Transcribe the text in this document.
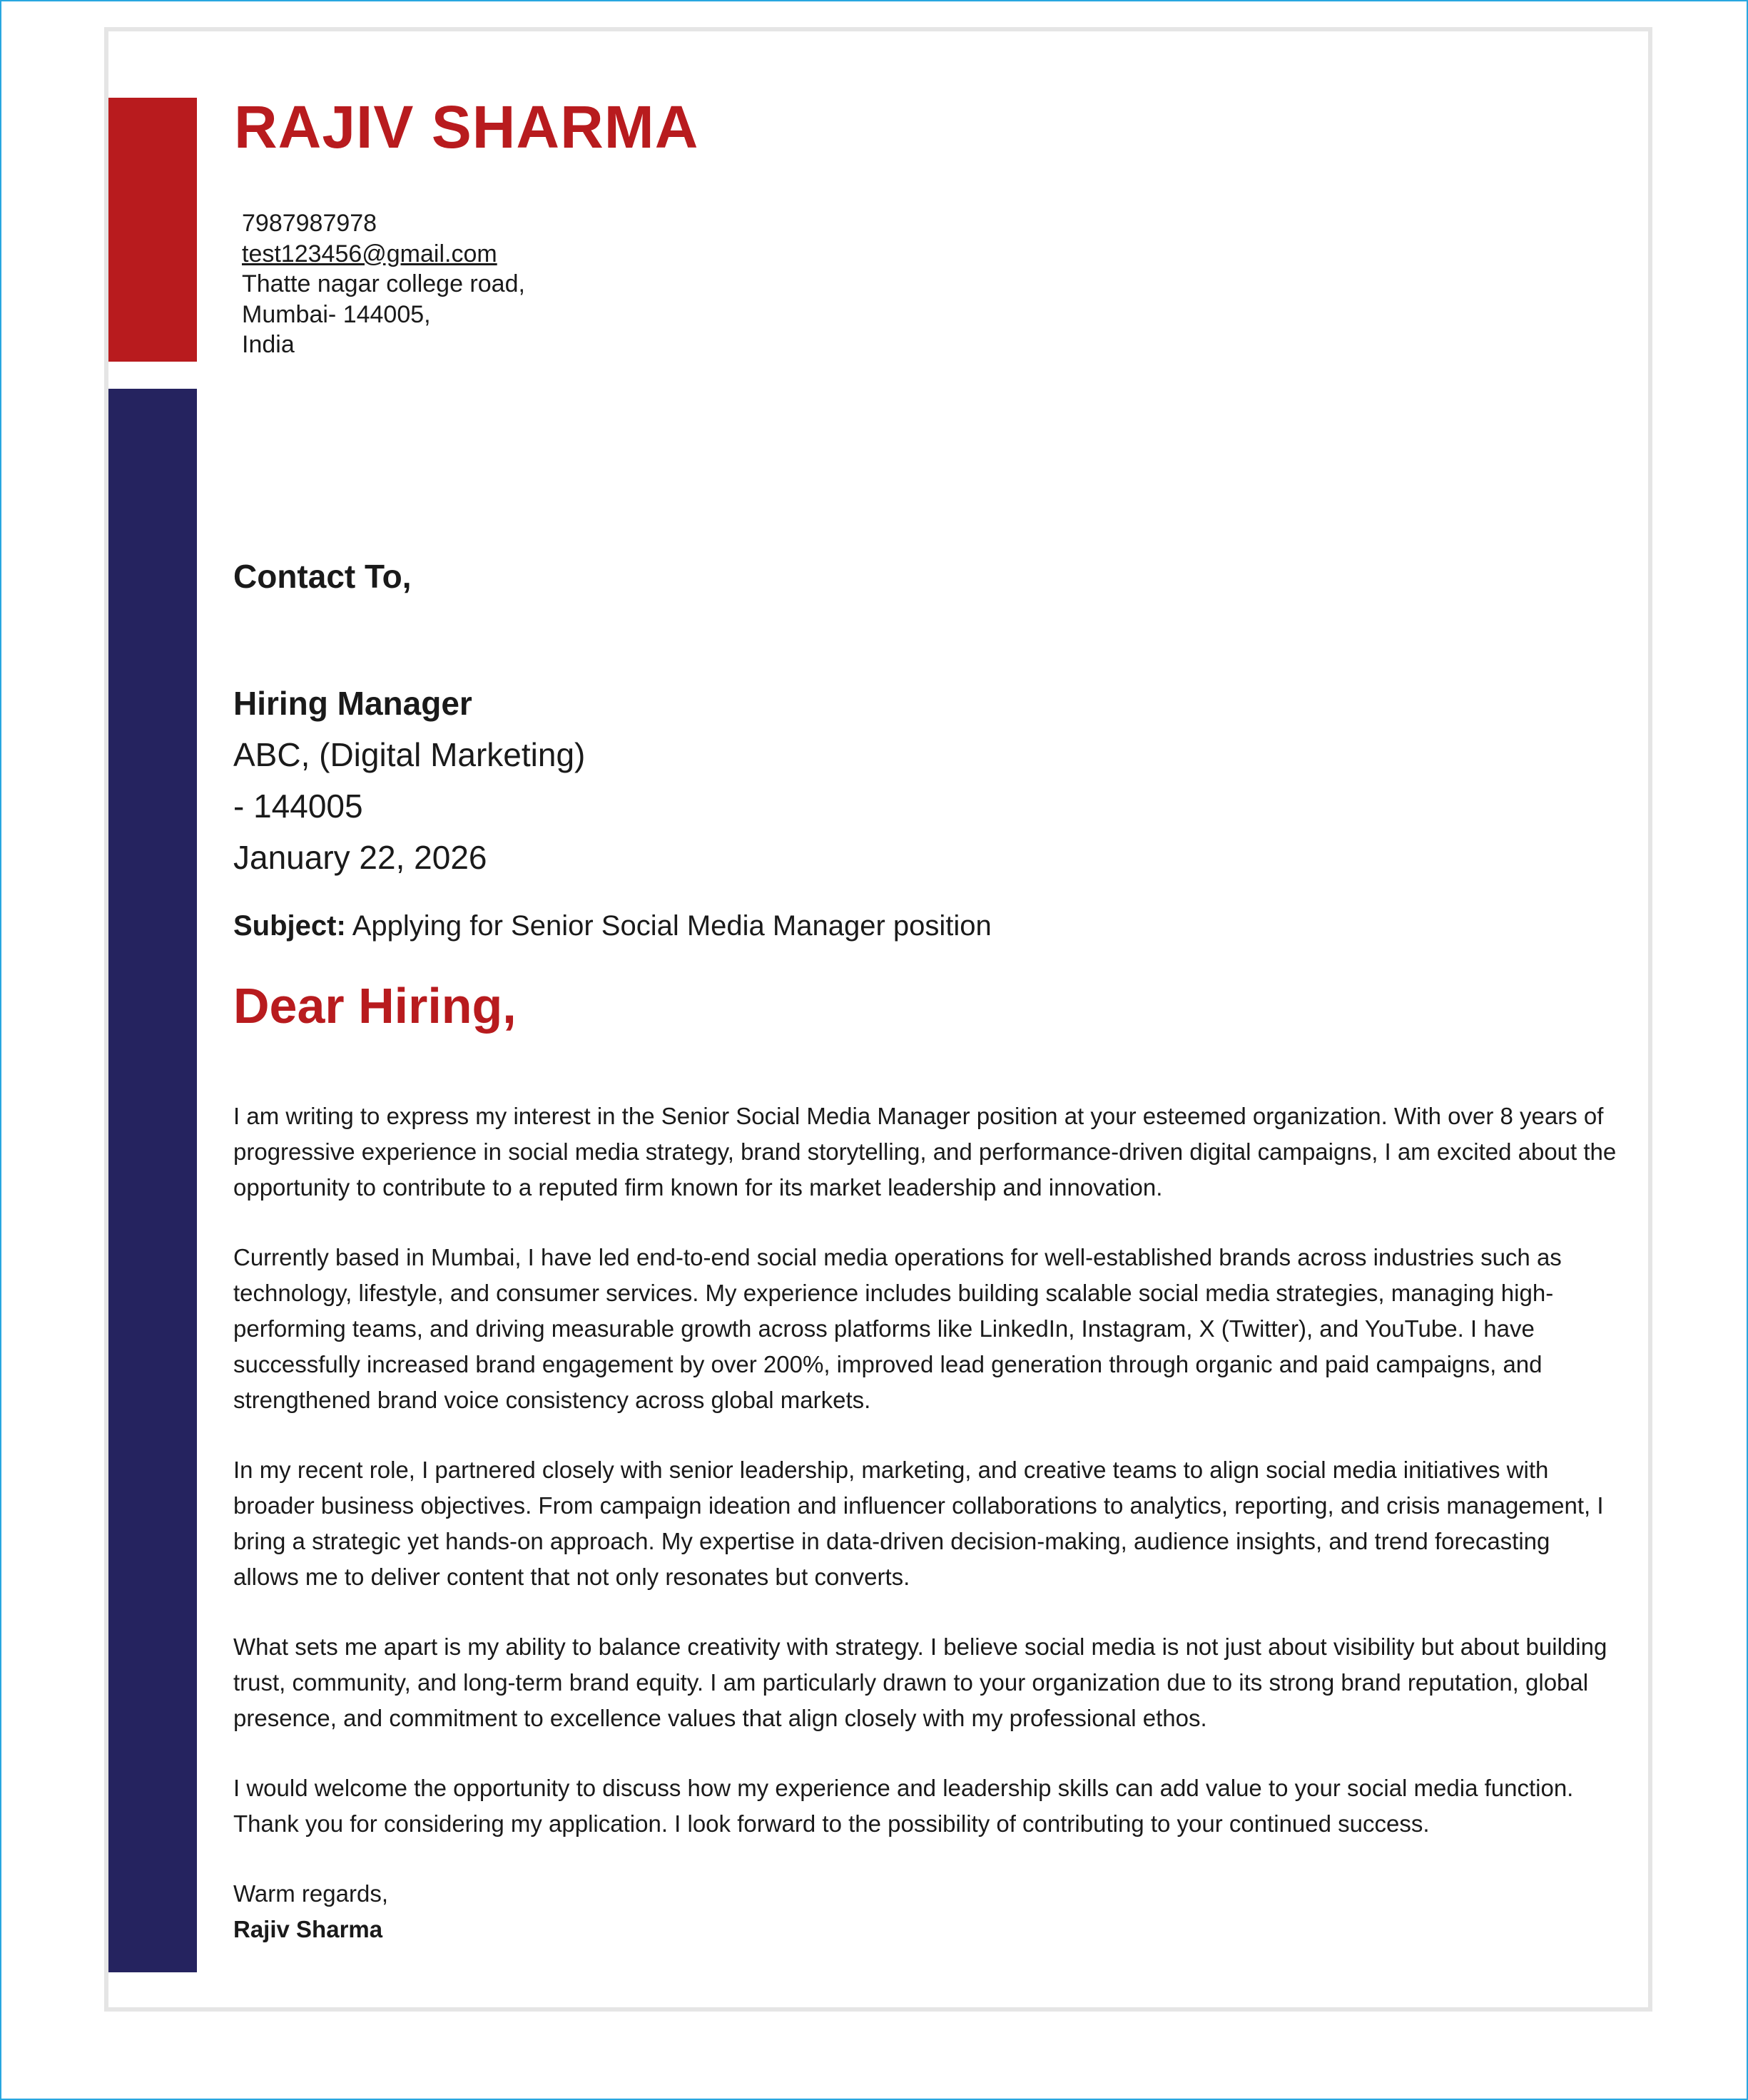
RAJIV SHARMA
7987987978
test123456@gmail.com
Thatte nagar college road,
Mumbai- 144005,
India
Contact To,
Hiring Manager
ABC, (Digital Marketing)
- 144005
January 22, 2026
Subject: Applying for Senior Social Media Manager position
Dear Hiring,

I am writing to express my interest in the Senior Social Media Manager position at your esteemed organization. With over 8 years of progressive experience in social media strategy, brand storytelling, and performance-driven digital campaigns, I am excited about the opportunity to contribute to a reputed firm known for its market leadership and innovation.

Currently based in Mumbai, I have led end-to-end social media operations for well-established brands across industries such as technology, lifestyle, and consumer services. My experience includes building scalable social media strategies, managing high-performing teams, and driving measurable growth across platforms like LinkedIn, Instagram, X (Twitter), and YouTube. I have successfully increased brand engagement by over 200%, improved lead generation through organic and paid campaigns, and strengthened brand voice consistency across global markets.

In my recent role, I partnered closely with senior leadership, marketing, and creative teams to align social media initiatives with broader business objectives. From campaign ideation and influencer collaborations to analytics, reporting, and crisis management, I bring a strategic yet hands-on approach. My expertise in data-driven decision-making, audience insights, and trend forecasting allows me to deliver content that not only resonates but converts.

What sets me apart is my ability to balance creativity with strategy. I believe social media is not just about visibility but about building trust, community, and long-term brand equity. I am particularly drawn to your organization due to its strong brand reputation, global presence, and commitment to excellence values that align closely with my professional ethos.

I would welcome the opportunity to discuss how my experience and leadership skills can add value to your social media function. Thank you for considering my application. I look forward to the possibility of contributing to your continued success.

Warm regards,
Rajiv Sharma
